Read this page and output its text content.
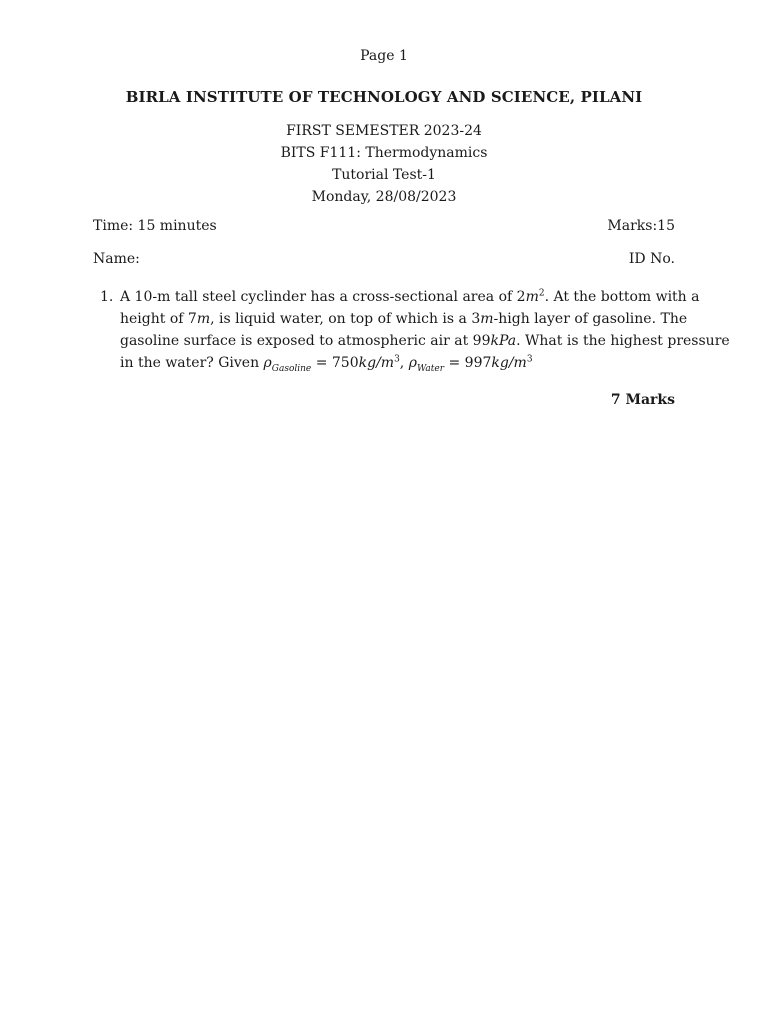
Page 1
BIRLA INSTITUTE OF TECHNOLOGY AND SCIENCE, PILANI
FIRST SEMESTER 2023-24
BITS F111: Thermodynamics
Tutorial Test-1
Monday, 28/08/2023
Time: 15 minutes	Marks:15
Name:	ID No.
1. A 10-m tall steel cyclinder has a cross-sectional area of $2m^2$. At the bottom with a
height of 7m, is liquid water, on top of which is a 3m-high layer of gasoline. The
gasoline surface is exposed to atmospheric air at 99kPa. What is the highest pressure
in the water? Given $\rho_{Gasoline} = 750kg/m^3$, $\rho_{Water} = 997kg/m^3$
7 Marks
